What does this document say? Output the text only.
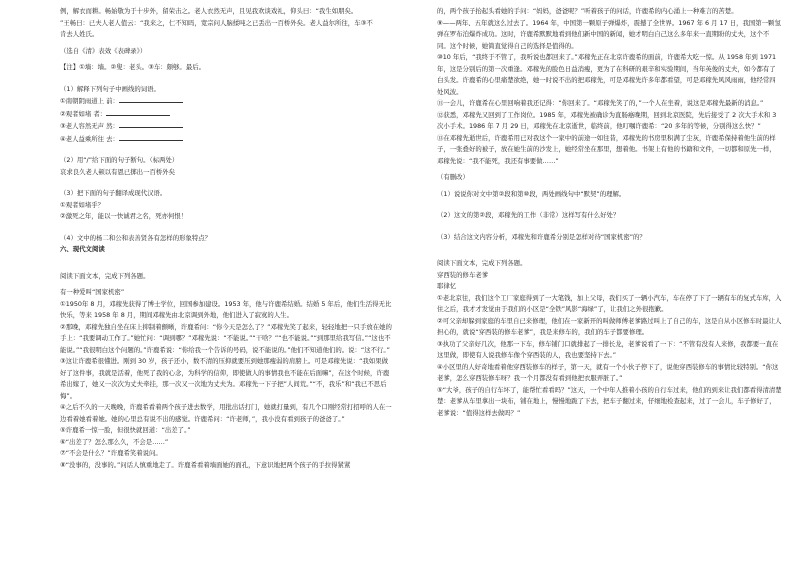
例，解衣而耕。畅始敬为于十步外，留荣击之。老人衣然无声，且见我欢谈戏礼，仰头曰：“我生如朋矣。

”王畅曰：已夫人老人值云：“我来之，仁不知吗，宽宗问人脑揉吨之已丢出一百桥外矣。老人益尔所往，车③不

肯去人姓氏。

（选自《清》表效《表碑录》）

【注】①墙：墙。②叟：老头。③车：颇够。最后。

（1）解释下列句子中画线的词语。

①南朝阴雨道上 前：

②观者如堵 者：

③老人容然无声 然：

④老人益乘所往 去：

（2）用“/”给下面的句子断句。（标两处）

哀求良久老人顿以有恩已掷出一百桥外矣

（3）把下面的句子翻译成现代汉语。

①观者如堵乎？

②激死之年，能以一快诚君之名，死亦何恨！

（4）文中的杨二和公和表善贤各有怎样的形象特点？

六、现代文阅读

阅读下面文本，完成下列各题。

有一种爱叫“国家机密”

①1950年 8 月，邓稼先获得了博士学位，回国参加建设。1953 年，他与许鹿希结婚。结婚 5 年后，他们生活得无比快乐，等来 1958 年 8 月，期间邓稼先由北京调到外地，他们进入了寂寞的人生。

②那晚，邓稼先独自坐在床上抑制着颤晰，许鹿希问：“你今天是怎么了？”邓稼先笑了起来，轻轻地把一只手放在她的手上：“我要调动工作了。”她忙问：“调到哪？”邓稼先说：“不能说。”“干啥？”“也不能说。”“到那里给我写信。”“这也不能说。”“我很明白这个问题的。”许鹿希说：“你给我一个告诉的号码，说不能说的。”他们不知道他们的。说：“这不行。”

③这让许鹿希很懂进。刚到 30 岁，孩子还小，数不清的压抑就要压到她那瘦弱的肩膀上。可是邓稼先说：“我如果做好了这件事，我就是活着，他死了我的心念，为科学的信仰，即使做人的事情我也不能在后面嘛”，在这个时候，许鹿希出嫁了，她又一次次为丈夫牵挂，那一次又一次地为丈夫为。邓稼先一下子把”人间荒。”“不，我乐”和“我已不思后悔”。

④之后不久的一天晚晚，许鹿希看着两个孩子进去数学，用批出话打门，她就打量到，有几个口刚经常打招呼的人在一边看着她看着她。她的心里总有说不出的感觉。许鹿希问：“许老师，”，我小没有看到孩子的爸爸了。”

⑤许鹿希一惊一脸，但很快就回道：“出差了。”

⑥“出差了？怎么那么久，不会是……”

⑦“不会是什么？”许鹿希笑着说问。

⑧“没事的，没事的。”问话人慎重地走了。许鹿希看着墙面她的面孔，下意识地把两个孩子的手拉得紧紧

的，两个孩子抬起头看她的手问：“妈妈，爸爸呢？”听着孩子的问话，许鹿希的内心涌上一种难言的苦楚。

⑨——两年、五年就这么过去了。1964 年，中国第一颗原子弹爆炸，震撼了全世界。1967 年 6 月 17 日，我国第一颗氢弹在罗布泊爆炸成功。这时，许鹿希默默地看到他们新中国的新闻，她才明白自己这么多年来一直期盼的丈夫，这个不同。这个时候，她简直觉得自己的选择是值得的。

⑩10 年后，“我终于不管了，我听说也都回来了。”邓稼先正在北京许鹿希的面前，许鹿希大吃一惊。从 1958 年到 1971 年，这是分别后的第一次重逢。邓稼先的脸色日益消瘦，更为了在科研的艰辛和实验期间，当年英俊的丈夫，如今都有了白头发。许鹿希的心里痛楚欲绝，她一时说不出的把邓稼先，可是邓稼先许多年都看望，可是邓稼先风风雨雨，他经常四处风波。

⑪一会儿，许鹿希在心里回响着我还记得：“你回来了。“邓稼先笑了的，”一个人在坐着，说这是邓稼先最新的消息。”

⑫获悉，邓稼先又回到了工作岗位。1985 年，邓稼先被确诊为直肠癌晚期，回到北京医院，先后接受了 2 次大手术和 3 次小手术。1986 年 7 月 29 日，邓稼先在北京逝世，临终前，他叮嘱许鹿希：“20 多年的等候，分别得这么快？”

⑬在邓稼先逝世后，许鹿希用已对我这个一家中的前途一如往昔，邓稼先的书房里积满了尘灰，许鹿希保持着他生前的样子，一张叠好的被子，放在她生前的沙发上，她经常坐在那里，想着他。书架上有他的书籍和文件，一切都和原先一样，邓稼先说：“我不能死，我还有事要做……”

（有删改）

（1）说说你对文中第②段和第⑩段，两处画线句中“默契”的理解。

（2）这文的第②段，邓稼先的工作（非常）这样写有什么好处？

（3）结合这文内容分析，邓稼先和许鹿希分别是怎样对待“国家机密”的？

阅读下面文本，完成下列各题。

穿西装的修车老爹

耶律忆

①老北京往，我们这个工厂家庭得到了一大笔钱，加上父母，我们买了一辆小汽车，车在停了下了一辆有车的复式车库，入住之后，我才才发觉由于我们的小区是“全铁”风影“海绿”了，让我们之外很抱歉。

②可父亲却躲到家庭的车里自已来修理，他们在一家新开的叫做师傅老爹路过叫上了自己的车，这是自从小区修车时最让人担心的，就说“穿西装的修车老爹”，我是来修车的，我们的车子都要修理。

③执功了父亲好几次，他那一下车，修车铺门口就排起了一排长龙，老爹说看了一下：“不管有没有人来修，我都要一直在这里做，即使有人说我修车像个穿西装的人，我也要坚持下去。”

④小区里的人好奇地看着他穿西装修车的样子，第一天，就有一个小伙子停下了，说他穿西装修车的事情比较特别。“你这老爹，怎么穿西装修车呀？我一个月都没有看到他把衣服弄脏了。”

⑤“大爷，孩子的自行车坏了，能帮忙看看吗？”这天，一个中年人推着小孩的自行车过来，他们的到来让我们都看得清清楚楚：老爹从车里拿出一块布，铺在地上，慢慢地跪了下去，把车子翻过来，仔细地检查起来，过了一会儿，车子修好了，老爹说：“值得这样去做吗？”
